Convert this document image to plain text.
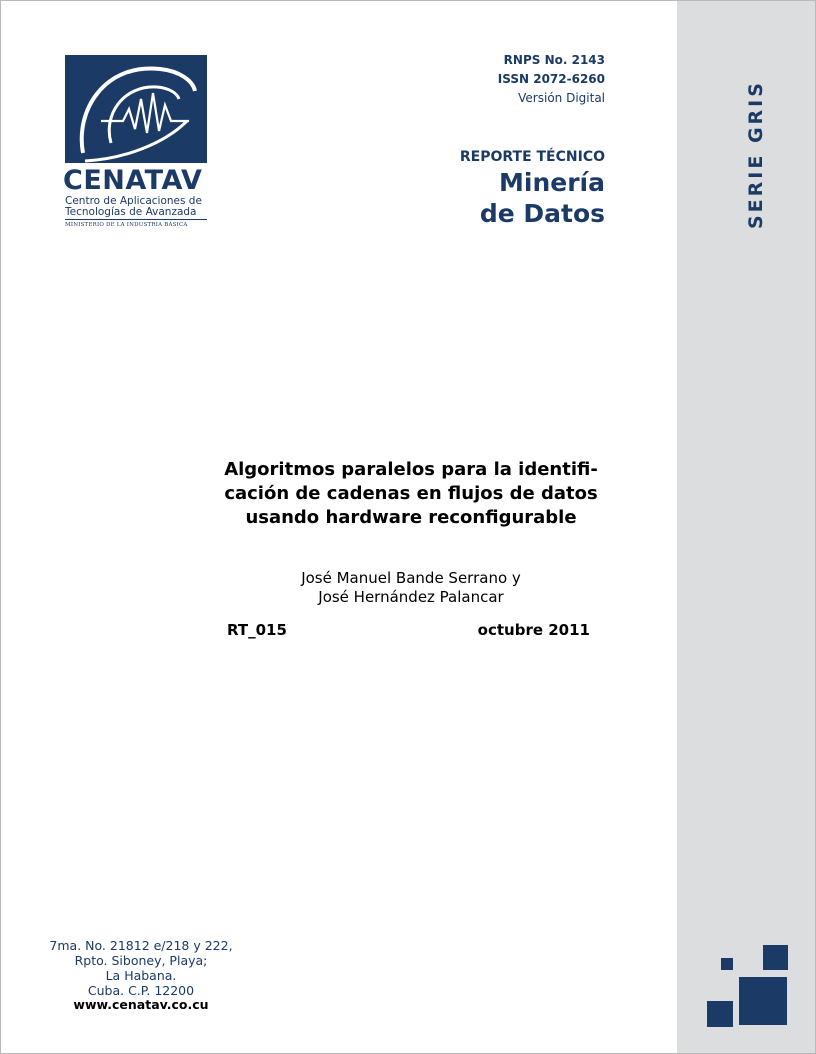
SERIE GRIS
CENATAV
Centro de Aplicaciones de
Tecnologías de Avanzada
MINISTERIO DE LA INDUSTRIA BÁSICA
RNPS No. 2143
ISSN 2072-6260
Versión Digital
REPORTE TÉCNICO
Minería
de Datos
Algoritmos paralelos para la identifi-
cación de cadenas en flujos de datos
usando hardware reconfigurable
José Manuel Bande Serrano y
José Hernández Palancar
RT_015	octubre 2011
7ma. No. 21812 e/218 y 222,
Rpto. Siboney, Playa;
La Habana.
Cuba. C.P. 12200
www.cenatav.co.cu
